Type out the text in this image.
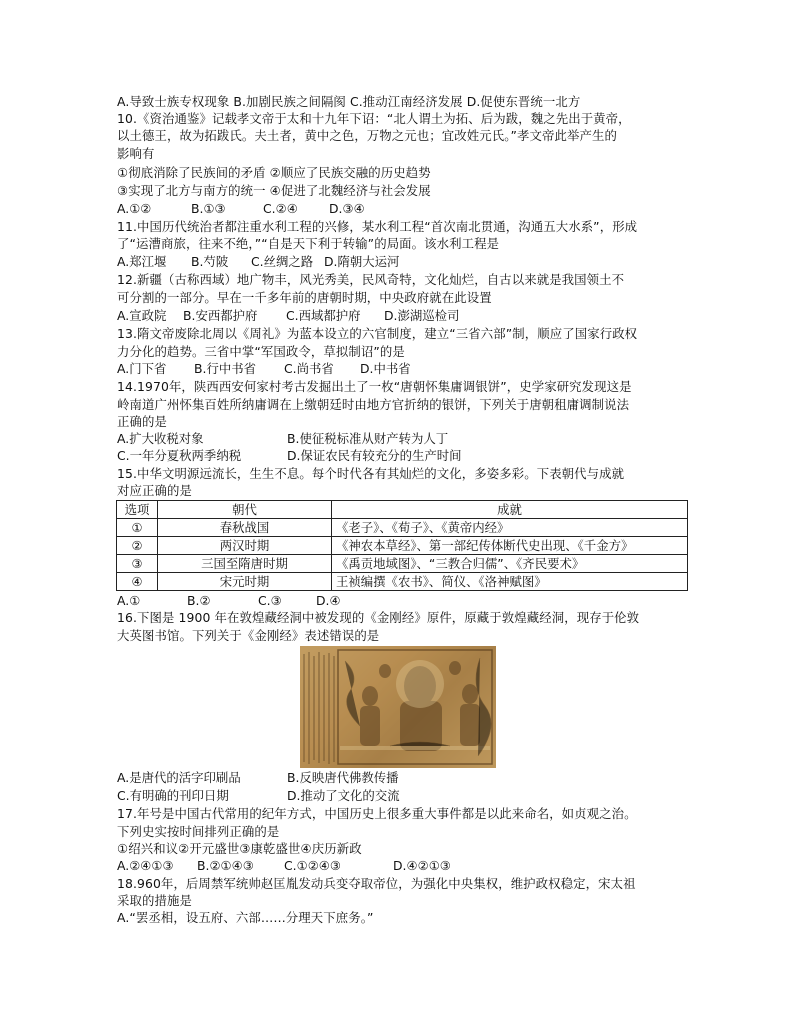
A.导致士族专权现象 B.加剧民族之间隔阂 C.推动江南经济发展 D.促使东晋统一北方
10.《资治通鉴》记载孝文帝于太和十九年下诏：“北人谓土为拓、后为跋，魏之先出于黄帝，
以土德王，故为拓跋氏。夫土者，黄中之色，万物之元也；宜改姓元氏。”孝文帝此举产生的
影响有
①彻底消除了民族间的矛盾 ②顺应了民族交融的历史趋势
③实现了北方与南方的统一 ④促进了北魏经济与社会发展
A.①②	B.①③	C.②④	D.③④
11.中国历代统治者都注重水利工程的兴修，某水利工程“首次南北贯通，沟通五大水系”，形成
了“运漕商旅，往来不绝，”“自是天下利于转输”的局面。该水利工程是
A.郑江堰 B.芍陂 C.丝绸之路 D.隋朝大运河
12.新疆（古称西域）地广物丰，风光秀美，民风奇特，文化灿烂，自古以来就是我国领土不
可分割的一部分。早在一千多年前的唐朝时期，中央政府就在此设置
A.宣政院 B.安西都护府 C.西域都护府 D.澎湖巡检司
13.隋文帝废除北周以《周礼》为蓝本设立的六官制度，建立“三省六部”制，顺应了国家行政权
力分化的趋势。三省中掌“军国政令，草拟制诏”的是
A.门下省 B.行中书省 C.尚书省 D.中书省
14.1970年，陕西西安何家村考古发掘出土了一枚“唐朝怀集庸调银饼”，史学家研究发现这是
岭南道广州怀集百姓所纳庸调在上缴朝廷时由地方官折纳的银饼，下列关于唐朝租庸调制说法
正确的是
A.扩大收税对象	B.使征税标准从财产转为人丁
C.一年分夏秋两季纳税	D.保证农民有较充分的生产时间
15.中华文明源远流长，生生不息。每个时代各有其灿烂的文化，多姿多彩。下表朝代与成就
对应正确的是
选项	朝代	成就
①	春秋战国	《老子》、《荀子》、《黄帝内经》
②	两汉时期	《神农本草经》、第一部纪传体断代史出现、《千金方》
③	三国至隋唐时期	《禹贡地域图》、“三教合归儒”、《齐民要术》
④	宋元时期	王祯编撰《农书》、简仪、《洛神赋图》
A.①	B.②	C.③	D.④
16.下图是 1900 年在敦煌藏经洞中被发现的《金刚经》原件，原藏于敦煌藏经洞，现存于伦敦
大英图书馆。下列关于《金刚经》表述错误的是
A.是唐代的活字印刷品	B.反映唐代佛教传播
C.有明确的刊印日期	D.推动了文化的交流
17.年号是中国古代常用的纪年方式，中国历史上很多重大事件都是以此来命名，如贞观之治。
下列史实按时间排列正确的是
①绍兴和议②开元盛世③康乾盛世④庆历新政
A.②④①③ B.②①④③ C.①②④③	D.④②①③
18.960年，后周禁军统帅赵匡胤发动兵变夺取帝位，为强化中央集权，维护政权稳定，宋太祖
采取的措施是
A.“罢丞相，设五府、六部……分理天下庶务。”
